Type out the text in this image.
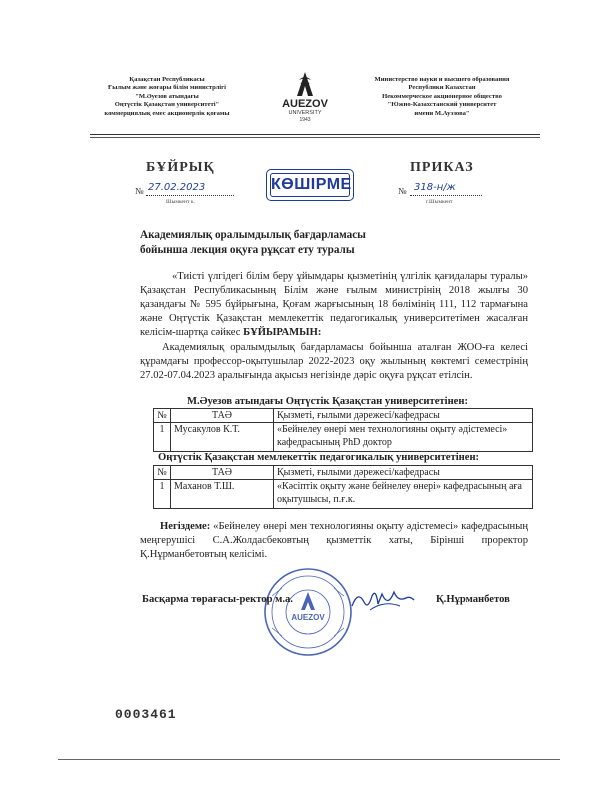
Қазақстан Республикасы
Ғылым және жоғары білім министрлігі
"М.Әуезов атындағы
Оңтүстік Қазақстан университеті"
коммерциялық емес акционерлік қоғамы
AUEZOV
UNIVERSITY
1943
Министерство науки и высшего образования
Республики Казахстан
Некоммерческое акционерное общество
"Южно-Казахстанский университет
имени М.Ауэзова"
БҰЙРЫҚ
№ 27.02.2023
Шымкент к.
КӨШІРМЕ
ПРИКАЗ
№ 318-н/ж
г.Шымкент
Академиялық оралымдылық бағдарламасы
бойынша лекция оқуға рұқсат ету туралы
«Тиісті үлгідегі білім беру ұйымдары қызметінің үлгілік қағидалары туралы» Қазақстан Республикасының Білім және ғылым министрінің 2018 жылғы 30 қазандағы № 595 бұйрығына, Қоғам жарғысының 18 бөлімінің 111, 112 тармағына және Оңтүстік Қазақстан мемлекеттік педагогикалық университетімен жасалған келісім-шартқа сәйкес БҰЙЫРАМЫН:
Академиялық оралымдылық бағдарламасы бойынша аталған ЖОО-ға келесі құрамдағы профессор-оқытушылар 2022-2023 оқу жылының көктемгі семестрінің 27.02-07.04.2023 аралығында ақысыз негізінде дәріс оқуға рұқсат етілсін.
М.Әуезов атындағы Оңтүстік Қазақстан университетінен:
№	ТАӘ	Қызметі, ғылыми дәрежесі/кафедрасы
1	Мусакулов К.Т.	«Бейнелеу өнері мен технологияны оқыту әдістемесі» кафедрасының PhD доктор
Оңтүстік Қазақстан мемлекеттік педагогикалық университетінен:
№	ТАӘ	Қызметі, ғылыми дәрежесі/кафедрасы
1	Маханов Т.Ш.	«Кәсіптік оқыту және бейнелеу өнері» кафедрасының аға оқытушысы, п.ғ.к.
Негіздеме: «Бейнелеу өнері мен технологияны оқыту әдістемесі» кафедрасының меңгерушісі С.А.Жолдасбековтың қызметтік хаты, Бірінші проректор Қ.Нұрманбетовтың келісімі.
AUEZOV
Басқарма төрағасы-ректор м.а.	Қ.Нұрманбетов
0003461
